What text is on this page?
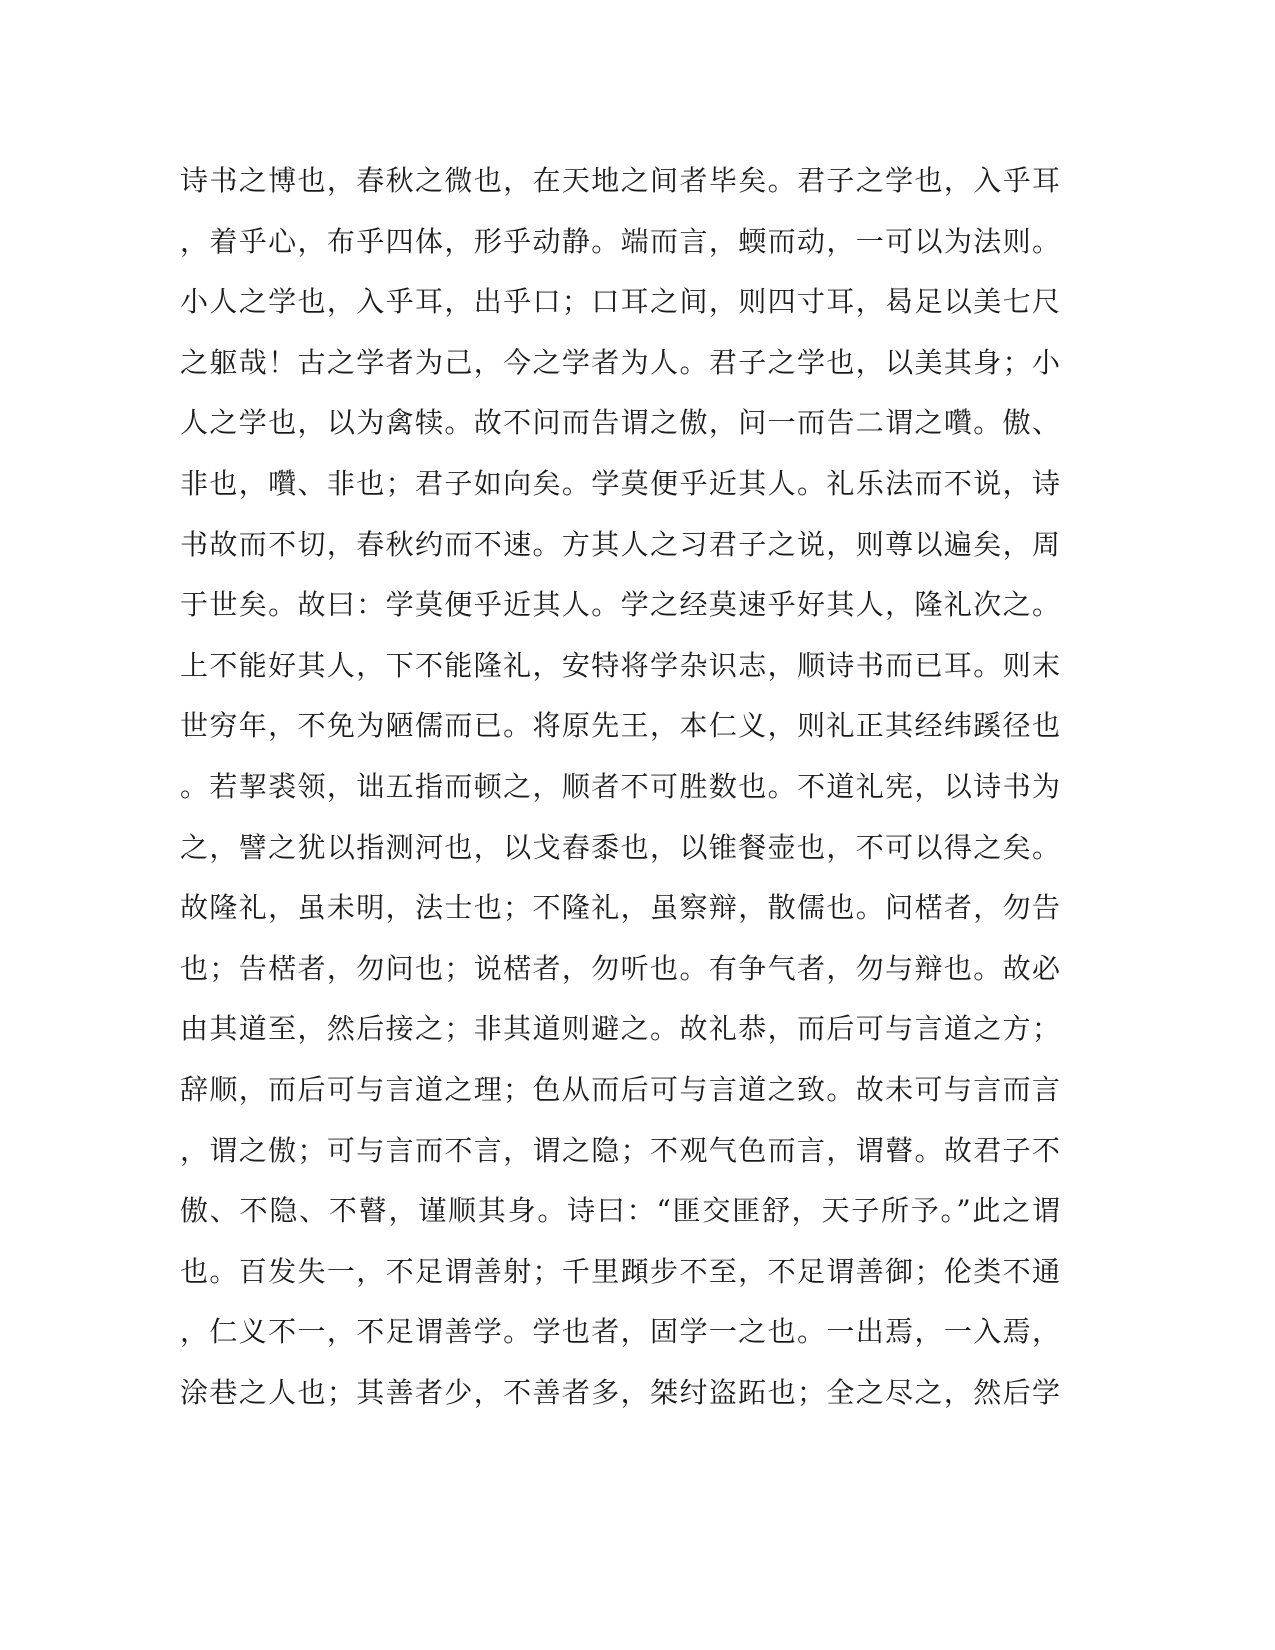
诗书之博也，春秋之微也，在天地之间者毕矣。君子之学也，入乎耳
，着乎心，布乎四体，形乎动静。端而言，蝡而动，一可以为法则。
小人之学也，入乎耳，出乎口；口耳之间，则四寸耳，曷足以美七尺
之躯哉！古之学者为己，今之学者为人。君子之学也，以美其身；小
人之学也，以为禽犊。故不问而告谓之傲，问一而告二谓之囋。傲、
非也，囋、非也；君子如向矣。学莫便乎近其人。礼乐法而不说，诗
书故而不切，春秋约而不速。方其人之习君子之说，则尊以遍矣，周
于世矣。故曰：学莫便乎近其人。学之经莫速乎好其人，隆礼次之。
上不能好其人，下不能隆礼，安特将学杂识志，顺诗书而已耳。则末
世穷年，不免为陋儒而已。将原先王，本仁义，则礼正其经纬蹊径也
。若挈裘领，诎五指而顿之，顺者不可胜数也。不道礼宪，以诗书为
之，譬之犹以指测河也，以戈舂黍也，以锥餐壶也，不可以得之矣。
故隆礼，虽未明，法士也；不隆礼，虽察辩，散儒也。问楛者，勿告
也；告楛者，勿问也；说楛者，勿听也。有争气者，勿与辩也。故必
由其道至，然后接之；非其道则避之。故礼恭，而后可与言道之方；
辞顺，而后可与言道之理；色从而后可与言道之致。故未可与言而言
，谓之傲；可与言而不言，谓之隐；不观气色而言，谓瞽。故君子不
傲、不隐、不瞽，谨顺其身。诗曰：“匪交匪舒，天子所予。”此之谓
也。百发失一，不足谓善射；千里蹞步不至，不足谓善御；伦类不通
，仁义不一，不足谓善学。学也者，固学一之也。一出焉，一入焉，
涂巷之人也；其善者少，不善者多，桀纣盗跖也；全之尽之，然后学
